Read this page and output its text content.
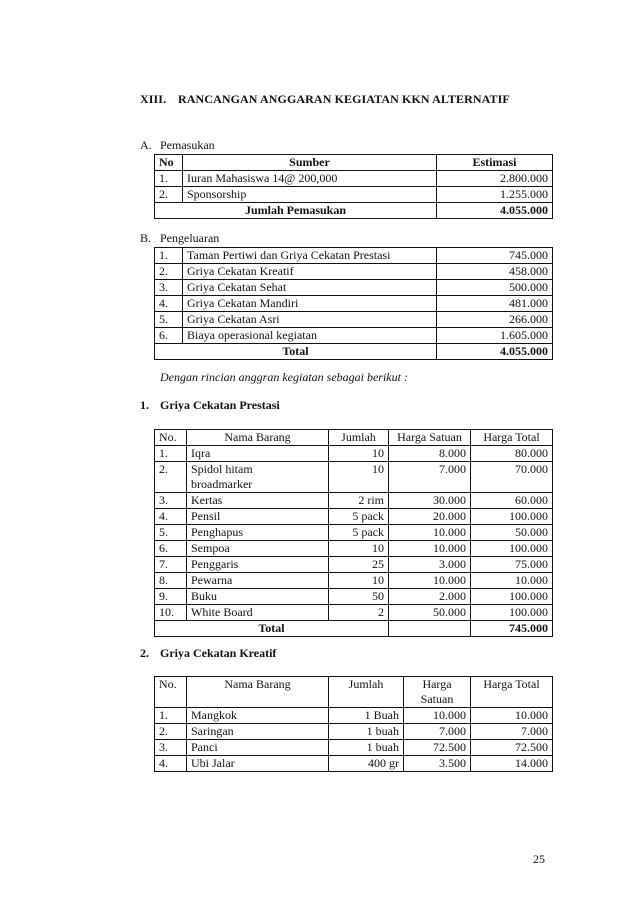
XIII. RANCANGAN ANGGARAN KEGIATAN KKN ALTERNATIF
A. Pemasukan
No	Sumber	Estimasi
1.	Iuran Mahasiswa 14@ 200,000	2.800.000
2.	Sponsorship	1.255.000
Jumlah Pemasukan		4.055.000
B. Pengeluaran
1.	Taman Pertiwi dan Griya Cekatan Prestasi	745.000
2.	Griya Cekatan Kreatif	458.000
3.	Griya Cekatan Sehat	500.000
4.	Griya Cekatan Mandiri	481.000
5.	Griya Cekatan Asri	266.000
6.	Biaya operasional kegiatan	1.605.000
Total		4.055.000
Dengan rincian anggran kegiatan sebagai berikut :
1. Griya Cekatan Prestasi
No.	Nama Barang	Jumlah	Harga Satuan	Harga Total
1.	Iqra	10	8.000	80.000
2.	Spidol hitam broadmarker	10	7.000	70.000
3.	Kertas	2 rim	30.000	60.000
4.	Pensil	5 pack	20.000	100.000
5.	Penghapus	5 pack	10.000	50.000
6.	Sempoa	10	10.000	100.000
7.	Penggaris	25	3.000	75.000
8.	Pewarna	10	10.000	10.000
9.	Buku	50	2.000	100.000
10.	White Board	2	50.000	100.000
Total				745.000
2. Griya Cekatan Kreatif
No.	Nama Barang	Jumlah	Harga Satuan	Harga Total
1.	Mangkok	1 Buah	10.000	10.000
2.	Saringan	1 buah	7.000	7.000
3.	Panci	1 buah	72.500	72.500
4.	Ubi Jalar	400 gr	3.500	14.000
25
